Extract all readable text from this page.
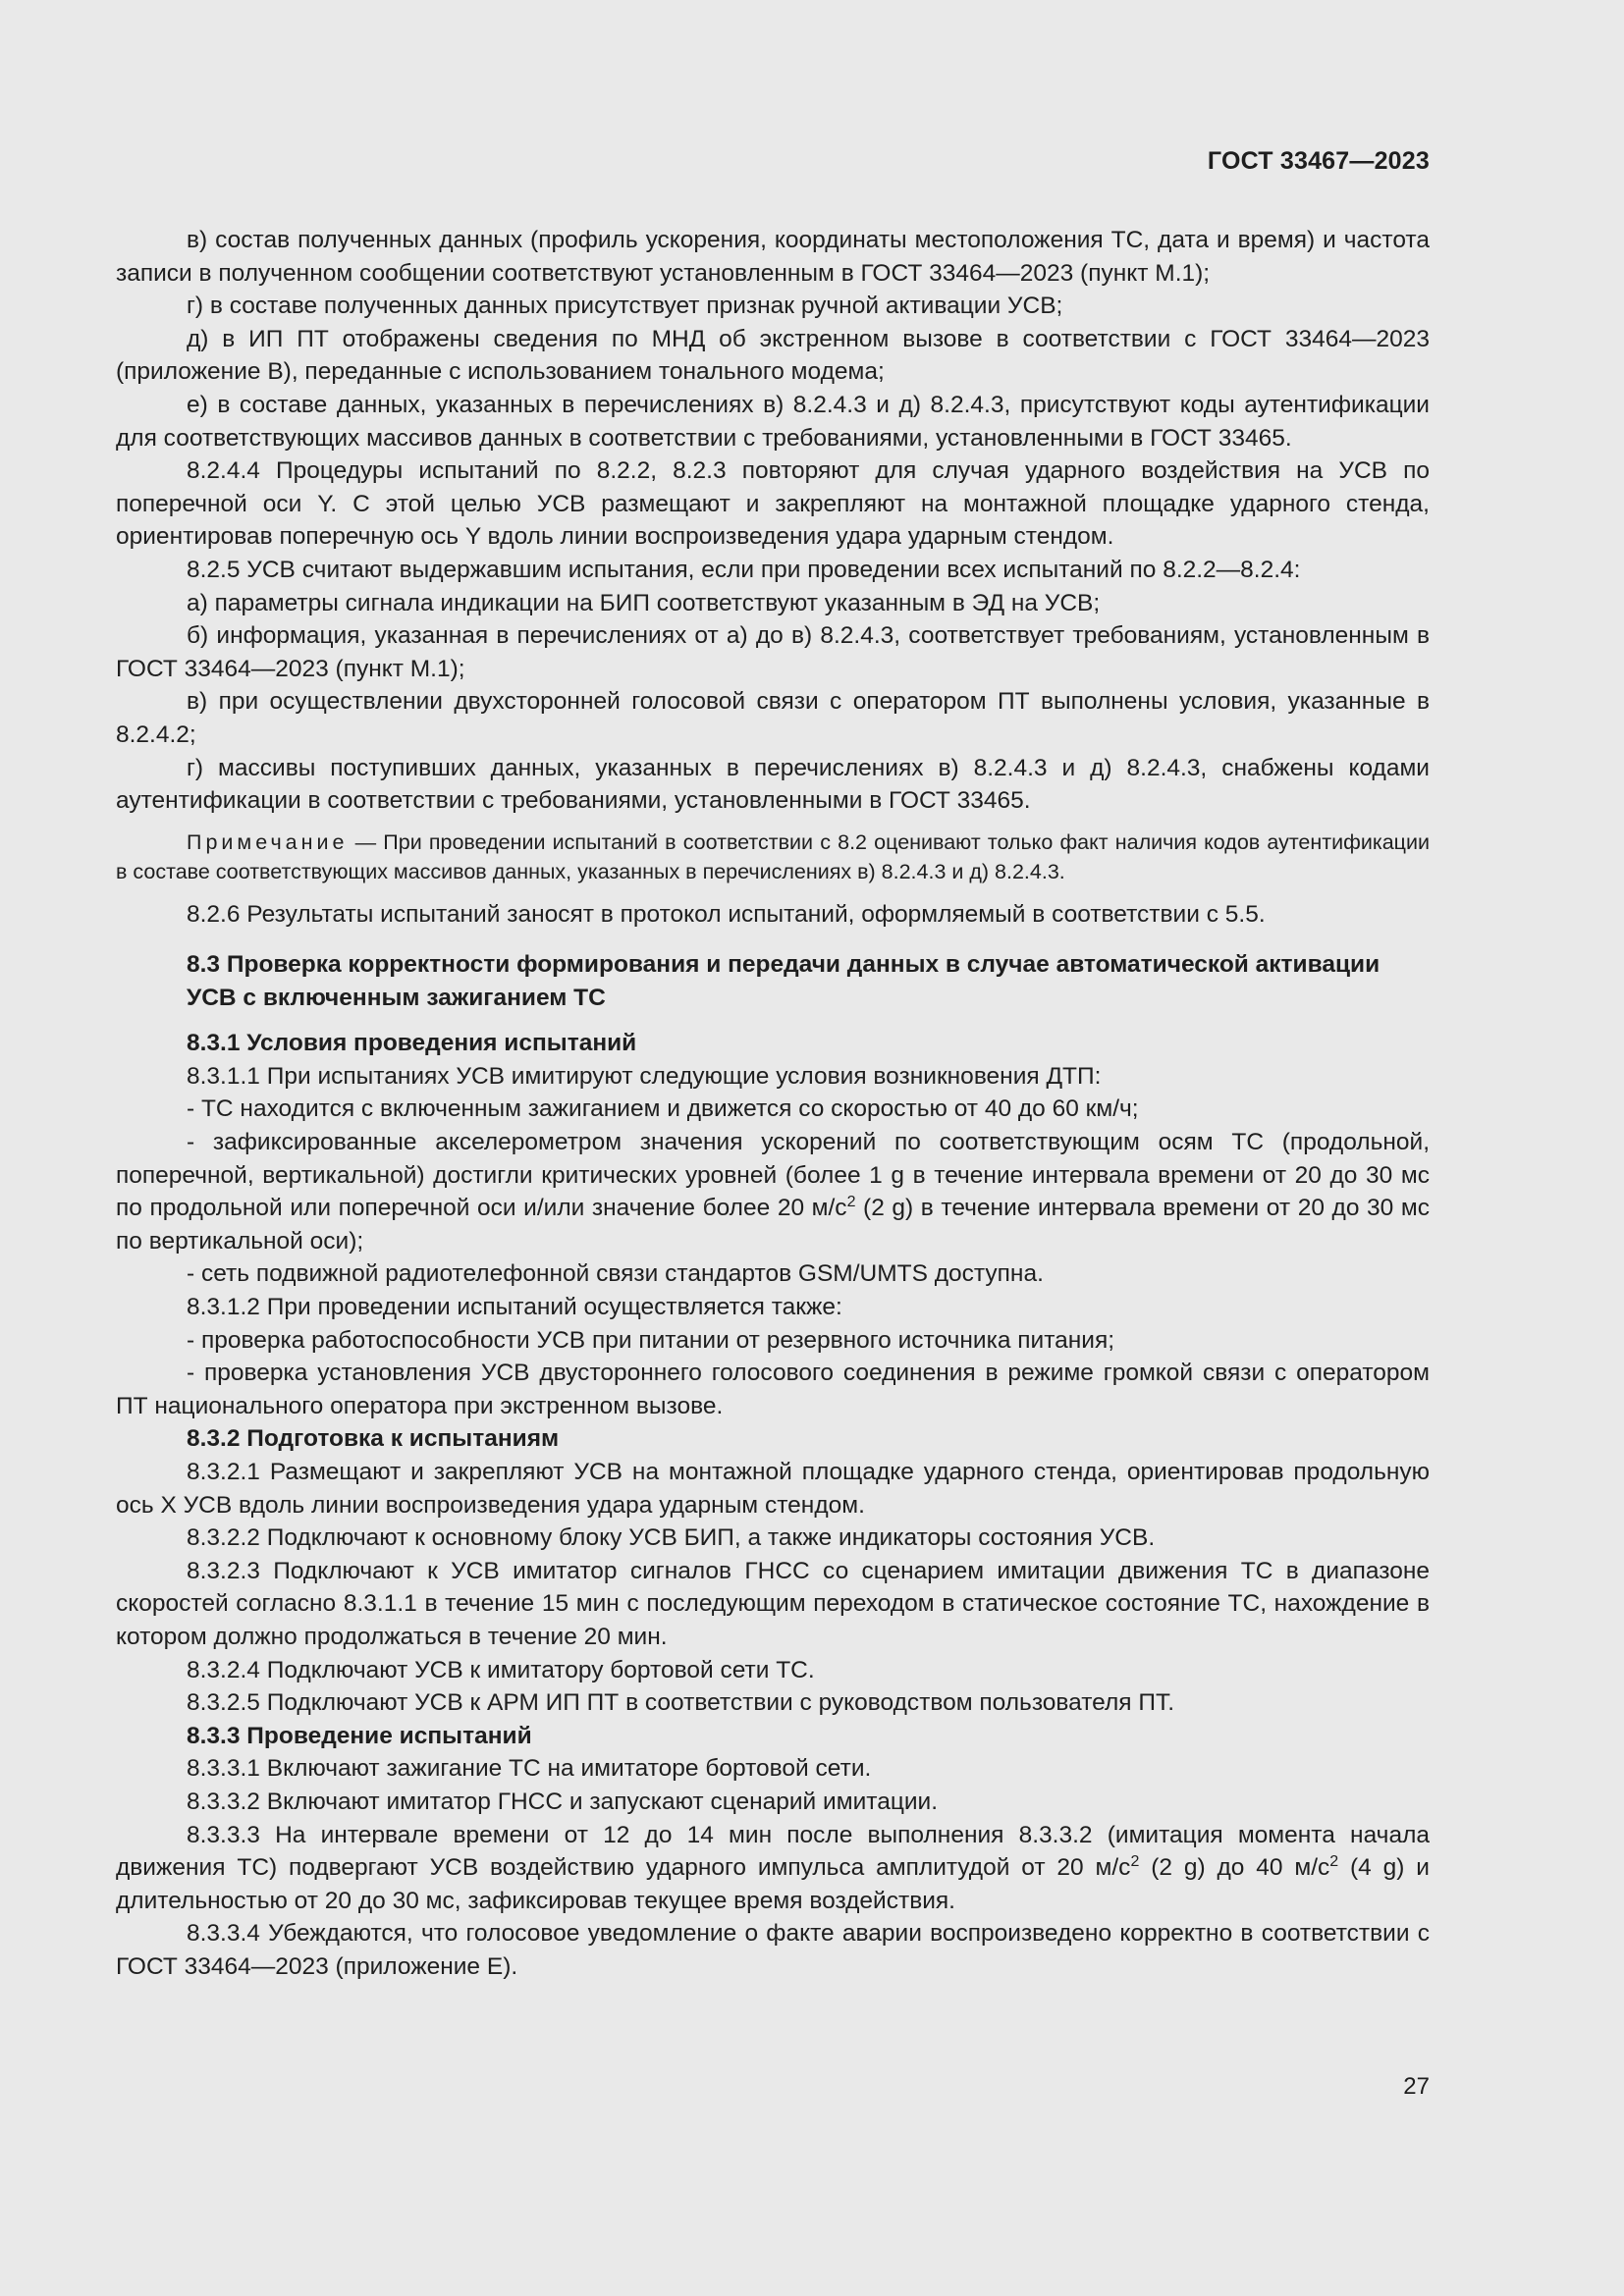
ГОСТ 33467—2023

в) состав полученных данных (профиль ускорения, координаты местоположения ТС, дата и время) и частота записи в полученном сообщении соответствуют установленным в ГОСТ 33464—2023 (пункт М.1);

г) в составе полученных данных присутствует признак ручной активации УСВ;

д) в ИП ПТ отображены сведения по МНД об экстренном вызове в соответствии с ГОСТ 33464—2023 (приложение В), переданные с использованием тонального модема;

е) в составе данных, указанных в перечислениях в) 8.2.4.3 и д) 8.2.4.3, присутствуют коды аутентификации для соответствующих массивов данных в соответствии с требованиями, установленными в ГОСТ 33465.

8.2.4.4 Процедуры испытаний по 8.2.2, 8.2.3 повторяют для случая ударного воздействия на УСВ по поперечной оси Y. С этой целью УСВ размещают и закрепляют на монтажной площадке ударного стенда, ориентировав поперечную ось Y вдоль линии воспроизведения удара ударным стендом.

8.2.5 УСВ считают выдержавшим испытания, если при проведении всех испытаний по 8.2.2—8.2.4:

а) параметры сигнала индикации на БИП соответствуют указанным в ЭД на УСВ;

б) информация, указанная в перечислениях от а) до в) 8.2.4.3, соответствует требованиям, установленным в ГОСТ 33464—2023 (пункт М.1);

в) при осуществлении двухсторонней голосовой связи с оператором ПТ выполнены условия, указанные в 8.2.4.2;

г) массивы поступивших данных, указанных в перечислениях в) 8.2.4.3 и д) 8.2.4.3, снабжены кодами аутентификации в соответствии с требованиями, установленными в ГОСТ 33465.

Примечание — При проведении испытаний в соответствии с 8.2 оценивают только факт наличия кодов аутентификации в составе соответствующих массивов данных, указанных в перечислениях в) 8.2.4.3 и д) 8.2.4.3.

8.2.6 Результаты испытаний заносят в протокол испытаний, оформляемый в соответствии с 5.5.

8.3 Проверка корректности формирования и передачи данных в случае автоматической активации УСВ с включенным зажиганием ТС

8.3.1 Условия проведения испытаний

8.3.1.1 При испытаниях УСВ имитируют следующие условия возникновения ДТП:

- ТС находится с включенным зажиганием и движется со скоростью от 40 до 60 км/ч;

- зафиксированные акселерометром значения ускорений по соответствующим осям ТС (продольной, поперечной, вертикальной) достигли критических уровней (более 1 g в течение интервала времени от 20 до 30 мс по продольной или поперечной оси и/или значение более 20 $м/с^2$ (2 g) в течение интервала времени от 20 до 30 мс по вертикальной оси);

- сеть подвижной радиотелефонной связи стандартов GSM/UMTS доступна.

8.3.1.2 При проведении испытаний осуществляется также:

- проверка работоспособности УСВ при питании от резервного источника питания;

- проверка установления УСВ двустороннего голосового соединения в режиме громкой связи с оператором ПТ национального оператора при экстренном вызове.

8.3.2 Подготовка к испытаниям

8.3.2.1 Размещают и закрепляют УСВ на монтажной площадке ударного стенда, ориентировав продольную ось X УСВ вдоль линии воспроизведения удара ударным стендом.

8.3.2.2 Подключают к основному блоку УСВ БИП, а также индикаторы состояния УСВ.

8.3.2.3 Подключают к УСВ имитатор сигналов ГНСС со сценарием имитации движения ТС в диапазоне скоростей согласно 8.3.1.1 в течение 15 мин с последующим переходом в статическое состояние ТС, нахождение в котором должно продолжаться в течение 20 мин.

8.3.2.4 Подключают УСВ к имитатору бортовой сети ТС.

8.3.2.5 Подключают УСВ к АРМ ИП ПТ в соответствии с руководством пользователя ПТ.

8.3.3 Проведение испытаний

8.3.3.1 Включают зажигание ТС на имитаторе бортовой сети.

8.3.3.2 Включают имитатор ГНСС и запускают сценарий имитации.

8.3.3.3 На интервале времени от 12 до 14 мин после выполнения 8.3.3.2 (имитация момента начала движения ТС) подвергают УСВ воздействию ударного импульса амплитудой от 20 $м/с^2$ (2 g) до 40 $м/с^2$ (4 g) и длительностью от 20 до 30 мс, зафиксировав текущее время воздействия.

8.3.3.4 Убеждаются, что голосовое уведомление о факте аварии воспроизведено корректно в соответствии с ГОСТ 33464—2023 (приложение Е).

27
